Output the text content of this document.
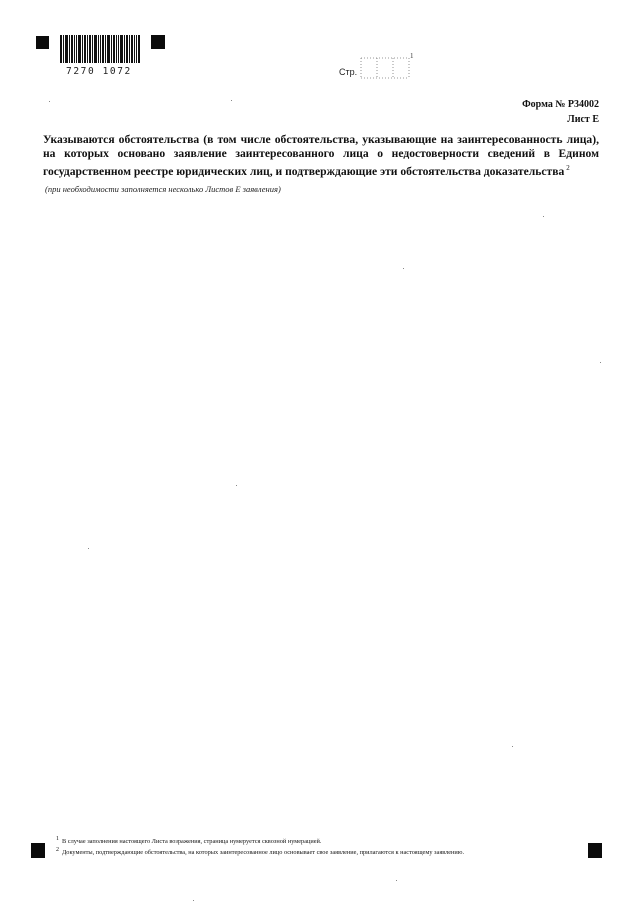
7270 1072	Стр.
1
Форма № Р34002
Лист Е

Указываются обстоятельства (в том числе обстоятельства, указывающие на заинтересованность лица), на которых основано заявление заинтересованного лица о недостоверности сведений в Едином государственном реестре юридических лиц, и подтверждающие эти обстоятельства доказательства $^2$

(при необходимости заполняется несколько Листов Е заявления)
1 В случае заполнения настоящего Листа возражения, страница нумеруется сквозной нумерацией.
2 Документы, подтверждающие обстоятельства, на которых заинтересованное лицо основывает свое заявление, прилагаются к настоящему заявлению.
